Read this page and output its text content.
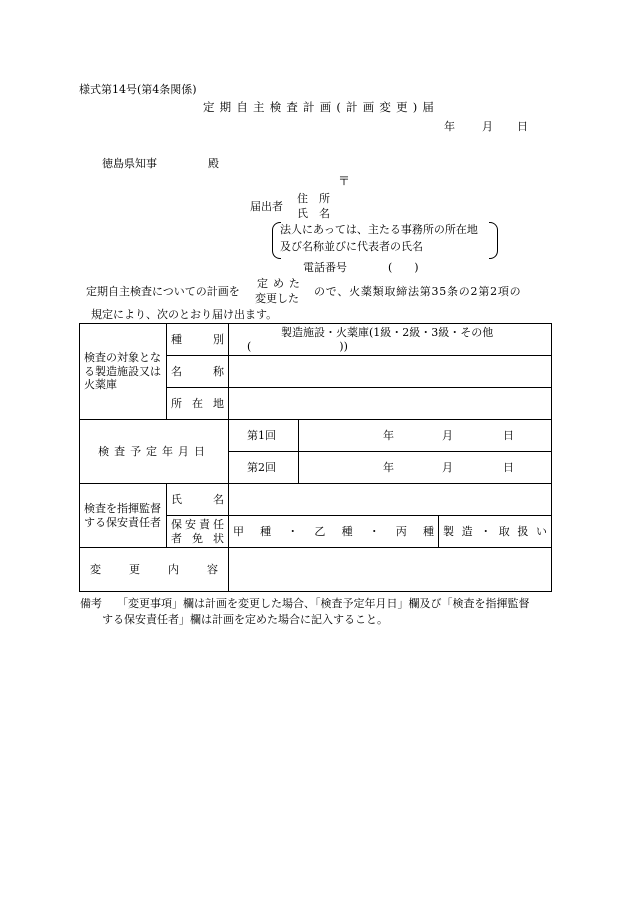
様式第14号(第4条関係)
定期自主検査計画(計画変更)届
年 月 日
徳島県知事	殿
〒
届出者
住　所
氏　名
法人にあっては、主たる事務所の所在地
及び名称並びに代表者の氏名
電話番号	(　　)
定期自主検査についての計画を
定めた
変更した
ので、火薬類取締法第35条の2第2項の
規定により、次のとおり届け出ます。
検査の対象となる製造施設又は火薬庫	種　別	製造施設・火薬庫(1級・2級・3級・その他
(　　　　　　　　))		

	名　称			
	所在地			
検査予定年月日		第1回	年 月 日	
		第2回	年 月 日	
検査を指揮監督する保安責任者	氏　名			
	保安責任者免状	甲種・乙種・丙種		製造・取扱い
変更内容				
備考 「変更事項」欄は計画を変更した場合、「検査予定年月日」欄及び「検査を指揮監督
する保安責任者」欄は計画を定めた場合に記入すること。
